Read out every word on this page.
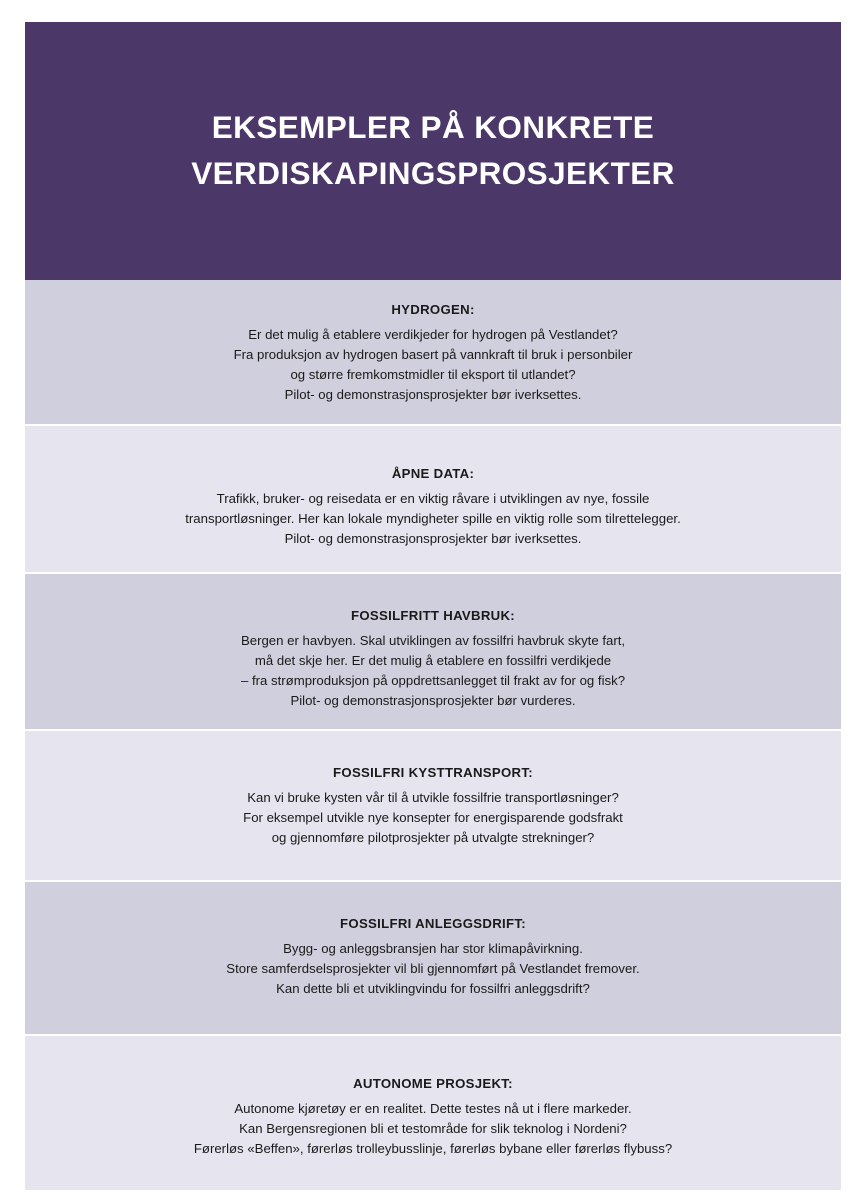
EKSEMPLER PÅ KONKRETE
VERDISKAPINGSPROSJEKTER
HYDROGEN:
Er det mulig å etablere verdikjeder for hydrogen på Vestlandet?
Fra produksjon av hydrogen basert på vannkraft til bruk i personbiler
og større fremkomstmidler til eksport til utlandet?
Pilot- og demonstrasjonsprosjekter bør iverksettes.
ÅPNE DATA:
Trafikk, bruker- og reisedata er en viktig råvare i utviklingen av nye, fossile
transportløsninger. Her kan lokale myndigheter spille en viktig rolle som tilrettelegger.
Pilot- og demonstrasjonsprosjekter bør iverksettes.
FOSSILFRITT HAVBRUK:
Bergen er havbyen. Skal utviklingen av fossilfri havbruk skyte fart,
må det skje her. Er det mulig å etablere en fossilfri verdikjede
– fra strømproduksjon på oppdrettsanlegget til frakt av for og fisk?
Pilot- og demonstrasjonsprosjekter bør vurderes.
FOSSILFRI KYSTTRANSPORT:
Kan vi bruke kysten vår til å utvikle fossilfrie transportløsninger?
For eksempel utvikle nye konsepter for energisparende godsfrakt
og gjennomføre pilotprosjekter på utvalgte strekninger?
FOSSILFRI ANLEGGSDRIFT:
Bygg- og anleggsbransjen har stor klimapåvirkning.
Store samferdselsprosjekter vil bli gjennomført på Vestlandet fremover.
Kan dette bli et utviklingvindu for fossilfri anleggsdrift?
AUTONOME PROSJEKT:
Autonome kjøretøy er en realitet. Dette testes nå ut i flere markeder.
Kan Bergensregionen bli et testområde for slik teknolog i Nordeni?
Førerløs «Beffen», førerløs trolleybusslinje, førerløs bybane eller førerløs flybuss?
